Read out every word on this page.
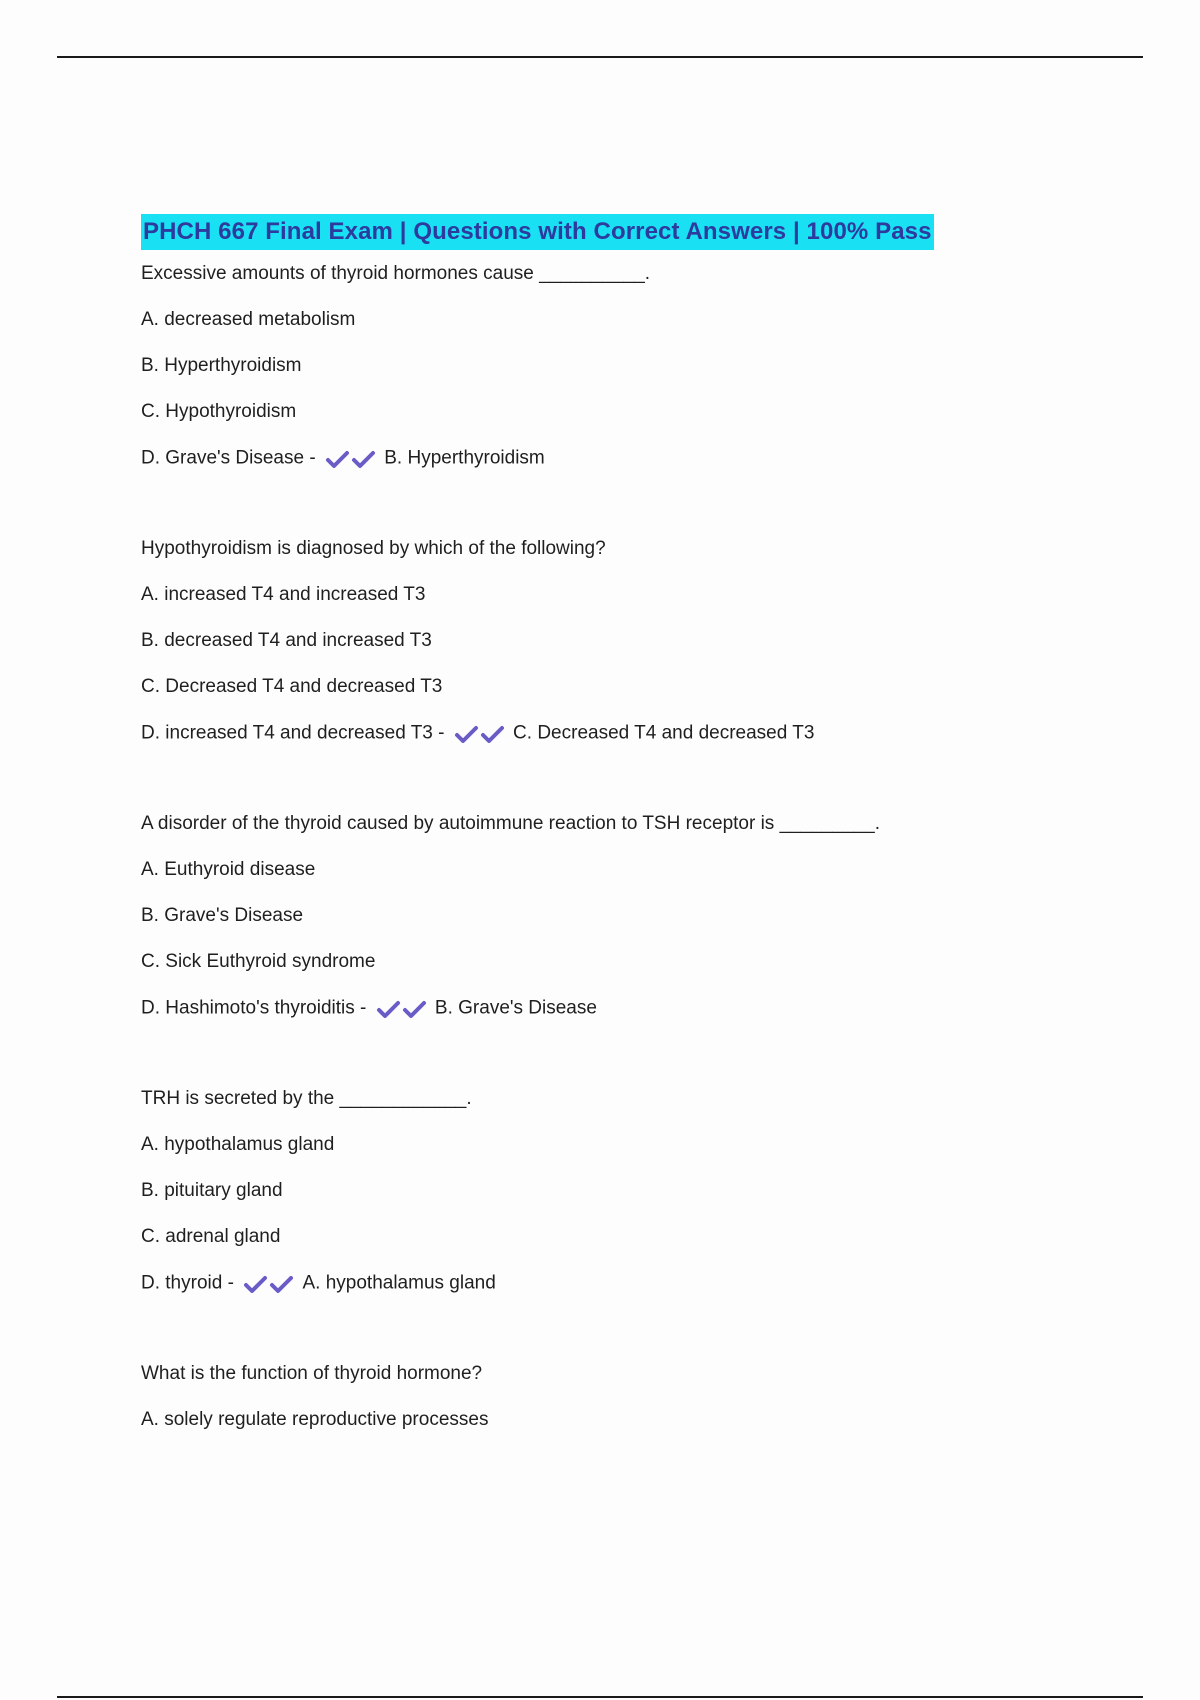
PHCH 667 Final Exam | Questions with Correct Answers | 100% Pass
Excessive amounts of thyroid hormones cause __________.
A. decreased metabolism
B. Hyperthyroidism
C. Hypothyroidism
D. Grave's Disease -	B. Hyperthyroidism
Hypothyroidism is diagnosed by which of the following?
A. increased T4 and increased T3
B. decreased T4 and increased T3
C. Decreased T4 and decreased T3
D. increased T4 and decreased T3 -	C. Decreased T4 and decreased T3
A disorder of the thyroid caused by autoimmune reaction to TSH receptor is _________.
A. Euthyroid disease
B. Grave's Disease
C. Sick Euthyroid syndrome
D. Hashimoto's thyroiditis -	B. Grave's Disease
TRH is secreted by the ____________.
A. hypothalamus gland
B. pituitary gland
C. adrenal gland
D. thyroid -	A. hypothalamus gland
What is the function of thyroid hormone?
A. solely regulate reproductive processes
